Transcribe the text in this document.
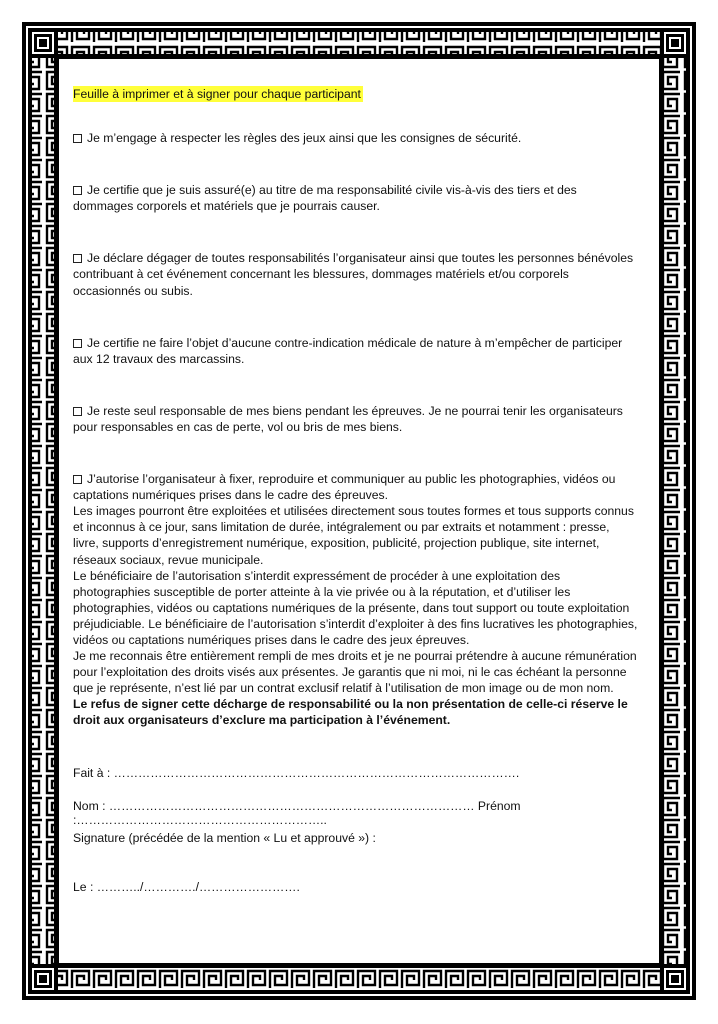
Feuille à imprimer et à signer pour chaque participant
Je m’engage à respecter les règles des jeux ainsi que les consignes de sécurité.
Je certifie que je suis assuré(e) au titre de ma responsabilité civile vis-à-vis des tiers et des dommages corporels et matériels que je pourrais causer.
Je déclare dégager de toutes responsabilités l’organisateur ainsi que toutes les personnes bénévoles contribuant à cet événement concernant les blessures, dommages matériels et/ou corporels occasionnés ou subis.
Je certifie ne faire l’objet d’aucune contre-indication médicale de nature à m’empêcher de participer aux 12 travaux des marcassins.
Je reste seul responsable de mes biens pendant les épreuves. Je ne pourrai tenir les organisateurs pour responsables en cas de perte, vol ou bris de mes biens.

J’autorise l’organisateur à fixer, reproduire et communiquer au public les photographies, vidéos ou captations numériques prises dans le cadre des épreuves.

Les images pourront être exploitées et utilisées directement sous toutes formes et tous supports connus et inconnus à ce jour, sans limitation de durée, intégralement ou par extraits et notamment : presse, livre, supports d’enregistrement numérique, exposition, publicité, projection publique, site internet, réseaux sociaux, revue municipale.

Le bénéficiaire de l’autorisation s’interdit expressément de procéder à une exploitation des photographies susceptible de porter atteinte à la vie privée ou à la réputation, et d’utiliser les photographies, vidéos ou captations numériques de la présente, dans tout support ou toute exploitation préjudiciable. Le bénéficiaire de l’autorisation s’interdit d’exploiter à des fins lucratives les photographies, vidéos ou captations numériques prises dans le cadre des jeux épreuves.

Je me reconnais être entièrement rempli de mes droits et je ne pourrai prétendre à aucune rémunération pour l’exploitation des droits visés aux présentes. Je garantis que ni moi, ni le cas échéant la personne que je représente, n’est lié par un contrat exclusif relatif à l’utilisation de mon image ou de mon nom.

Le refus de signer cette décharge de responsabilité ou la non présentation de celle-ci réserve le droit aux organisateurs d’exclure ma participation à l’événement.

Fait à : ……………………………………………………………………………………….
Nom : ……………………………………………………………………………… Prénom :……………………………………………………..
Signature (précédée de la mention « Lu et approuvé ») :
Le : ………../…………./…………………….
